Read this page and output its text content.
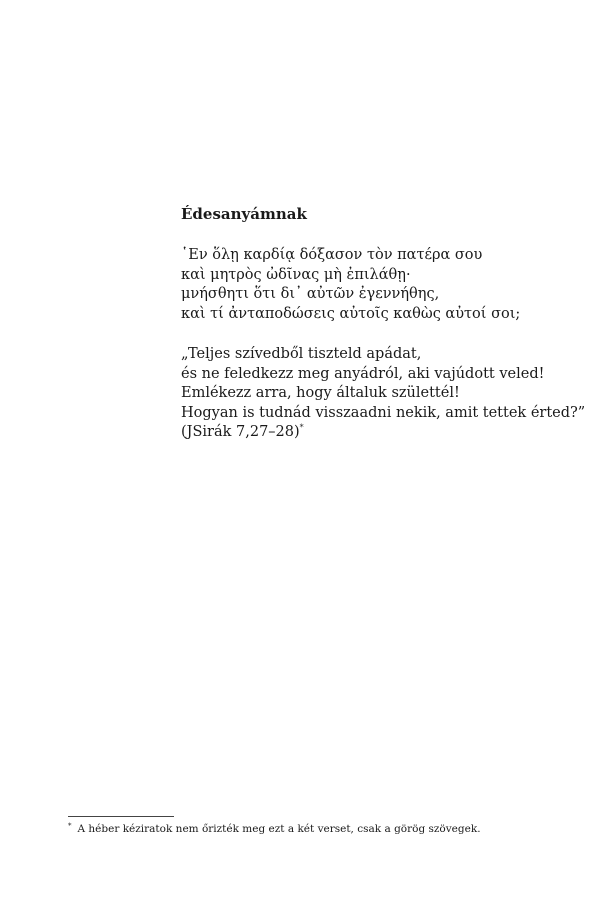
Édesanyámnak
῾Εν ὅλῃ καρδίᾳ δόξασον τὸν πατέρα σου
καὶ μητρὸς ὠδῖνας μὴ ἐπιλάθῃ·
μνήσθητι ὅτι δι᾽ αὐτῶν ἐγεννήθης,
καὶ τί ἀνταποδώσεις αὐτοῖς καθὼς αὐτοί σοι;
„Teljes szívedből tiszteld apádat,
és ne feledkezz meg anyádról, aki vajúdott veled!
Emlékezz arra, hogy általuk születtél!
Hogyan is tudnád visszaadni nekik, amit tettek érted?”
(JSirák 7,27–28)*
* A héber kéziratok nem őrizték meg ezt a két verset, csak a görög szövegek.
